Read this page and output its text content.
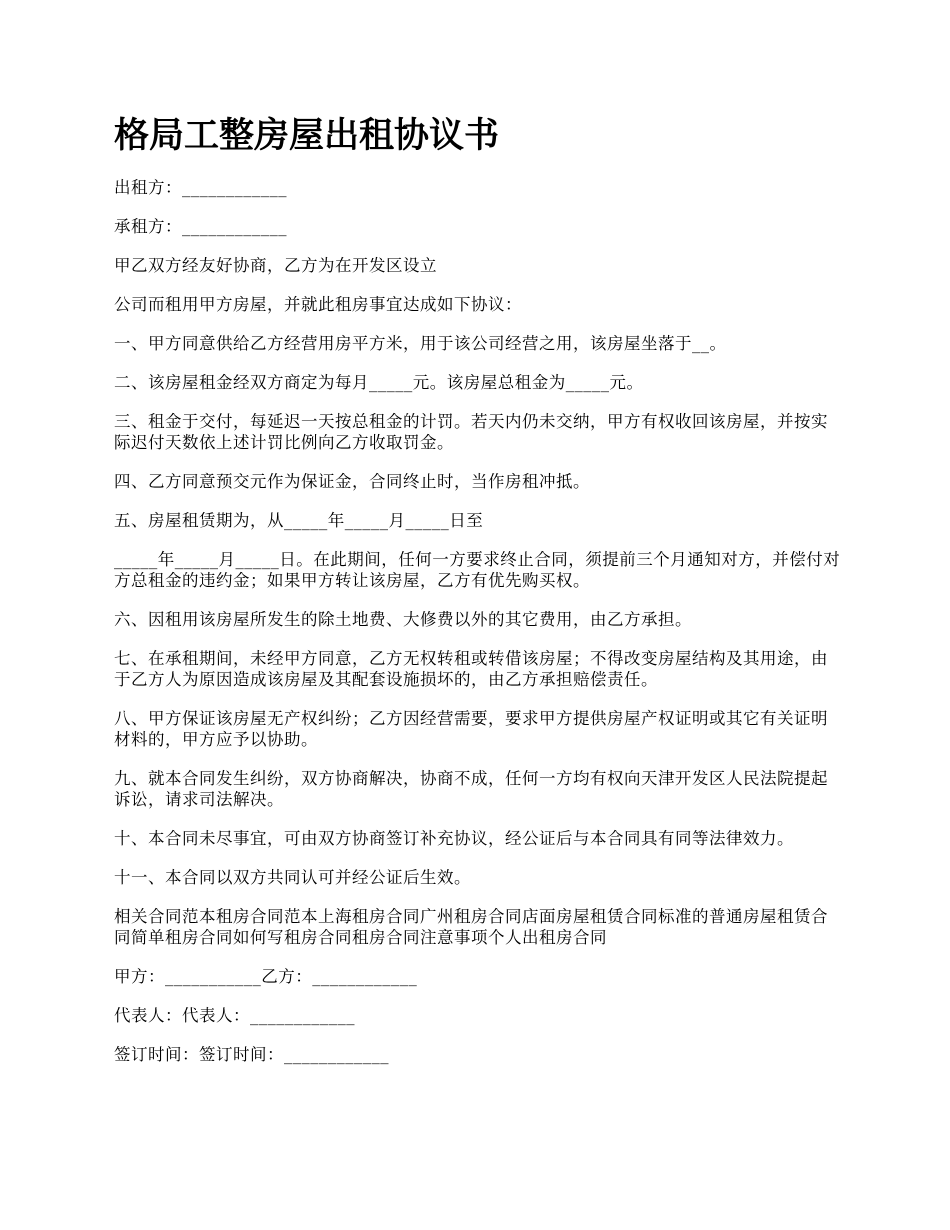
格局工整房屋出租协议书

出租方：____________

承租方：____________

甲乙双方经友好协商，乙方为在开发区设立

公司而租用甲方房屋，并就此租房事宜达成如下协议：

一、甲方同意供给乙方经营用房平方米，用于该公司经营之用，该房屋坐落于__。

二、该房屋租金经双方商定为每月_____元。该房屋总租金为_____元。

三、租金于交付，每延迟一天按总租金的计罚。若天内仍未交纳，甲方有权收回该房屋，并按实际迟付天数依上述计罚比例向乙方收取罚金。

四、乙方同意预交元作为保证金，合同终止时，当作房租冲抵。

五、房屋租赁期为，从_____年_____月_____日至

_____年_____月_____日。在此期间，任何一方要求终止合同，须提前三个月通知对方，并偿付对方总租金的违约金；如果甲方转让该房屋，乙方有优先购买权。

六、因租用该房屋所发生的除土地费、大修费以外的其它费用，由乙方承担。

七、在承租期间，未经甲方同意，乙方无权转租或转借该房屋；不得改变房屋结构及其用途，由于乙方人为原因造成该房屋及其配套设施损坏的，由乙方承担赔偿责任。

八、甲方保证该房屋无产权纠纷；乙方因经营需要，要求甲方提供房屋产权证明或其它有关证明材料的，甲方应予以协助。

九、就本合同发生纠纷，双方协商解决，协商不成，任何一方均有权向天津开发区人民法院提起诉讼，请求司法解决。

十、本合同未尽事宜，可由双方协商签订补充协议，经公证后与本合同具有同等法律效力。

十一、本合同以双方共同认可并经公证后生效。

相关合同范本租房合同范本上海租房合同广州租房合同店面房屋租赁合同标准的普通房屋租赁合同简单租房合同如何写租房合同租房合同注意事项个人出租房合同

甲方：___________乙方：____________

代表人：代表人：____________

签订时间：签订时间：____________
